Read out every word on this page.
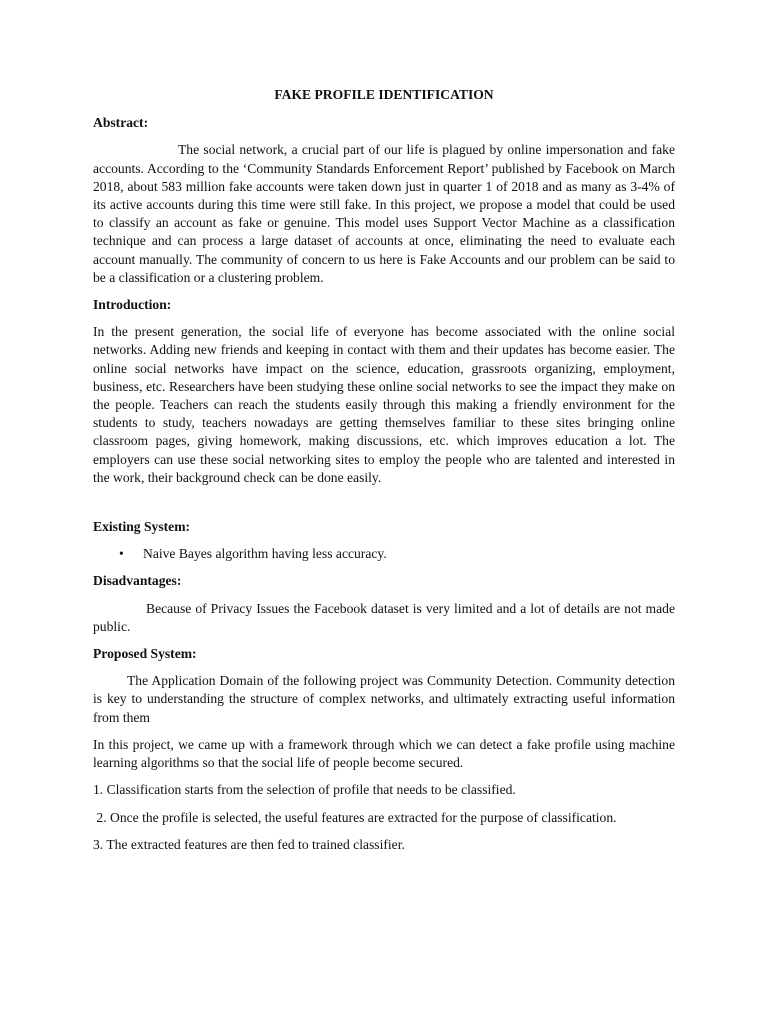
FAKE PROFILE IDENTIFICATION
Abstract:
The social network, a crucial part of our life is plagued by online impersonation and fake accounts. According to the ‘Community Standards Enforcement Report’ published by Facebook on March 2018, about 583 million fake accounts were taken down just in quarter 1 of 2018 and as many as 3-4% of its active accounts during this time were still fake. In this project, we propose a model that could be used to classify an account as fake or genuine. This model uses Support Vector Machine as a classification technique and can process a large dataset of accounts at once, eliminating the need to evaluate each account manually. The community of concern to us here is Fake Accounts and our problem can be said to be a classification or a clustering problem.
Introduction:
In the present generation, the social life of everyone has become associated with the online social networks. Adding new friends and keeping in contact with them and their updates has become easier. The online social networks have impact on the science, education, grassroots organizing, employment, business, etc. Researchers have been studying these online social networks to see the impact they make on the people. Teachers can reach the students easily through this making a friendly environment for the students to study, teachers nowadays are getting themselves familiar to these sites bringing online classroom pages, giving homework, making discussions, etc. which improves education a lot. The employers can use these social networking sites to employ the people who are talented and interested in the work, their background check can be done easily.
Existing System:
• Naive Bayes algorithm having less accuracy.
Disadvantages:
Because of Privacy Issues the Facebook dataset is very limited and a lot of details are not made public.
Proposed System:
The Application Domain of the following project was Community Detection. Community detection is key to understanding the structure of complex networks, and ultimately extracting useful information from them
In this project, we came up with a framework through which we can detect a fake profile using machine learning algorithms so that the social life of people become secured.
1. Classification starts from the selection of profile that needs to be classified.
2. Once the profile is selected, the useful features are extracted for the purpose of classification.
3. The extracted features are then fed to trained classifier.
